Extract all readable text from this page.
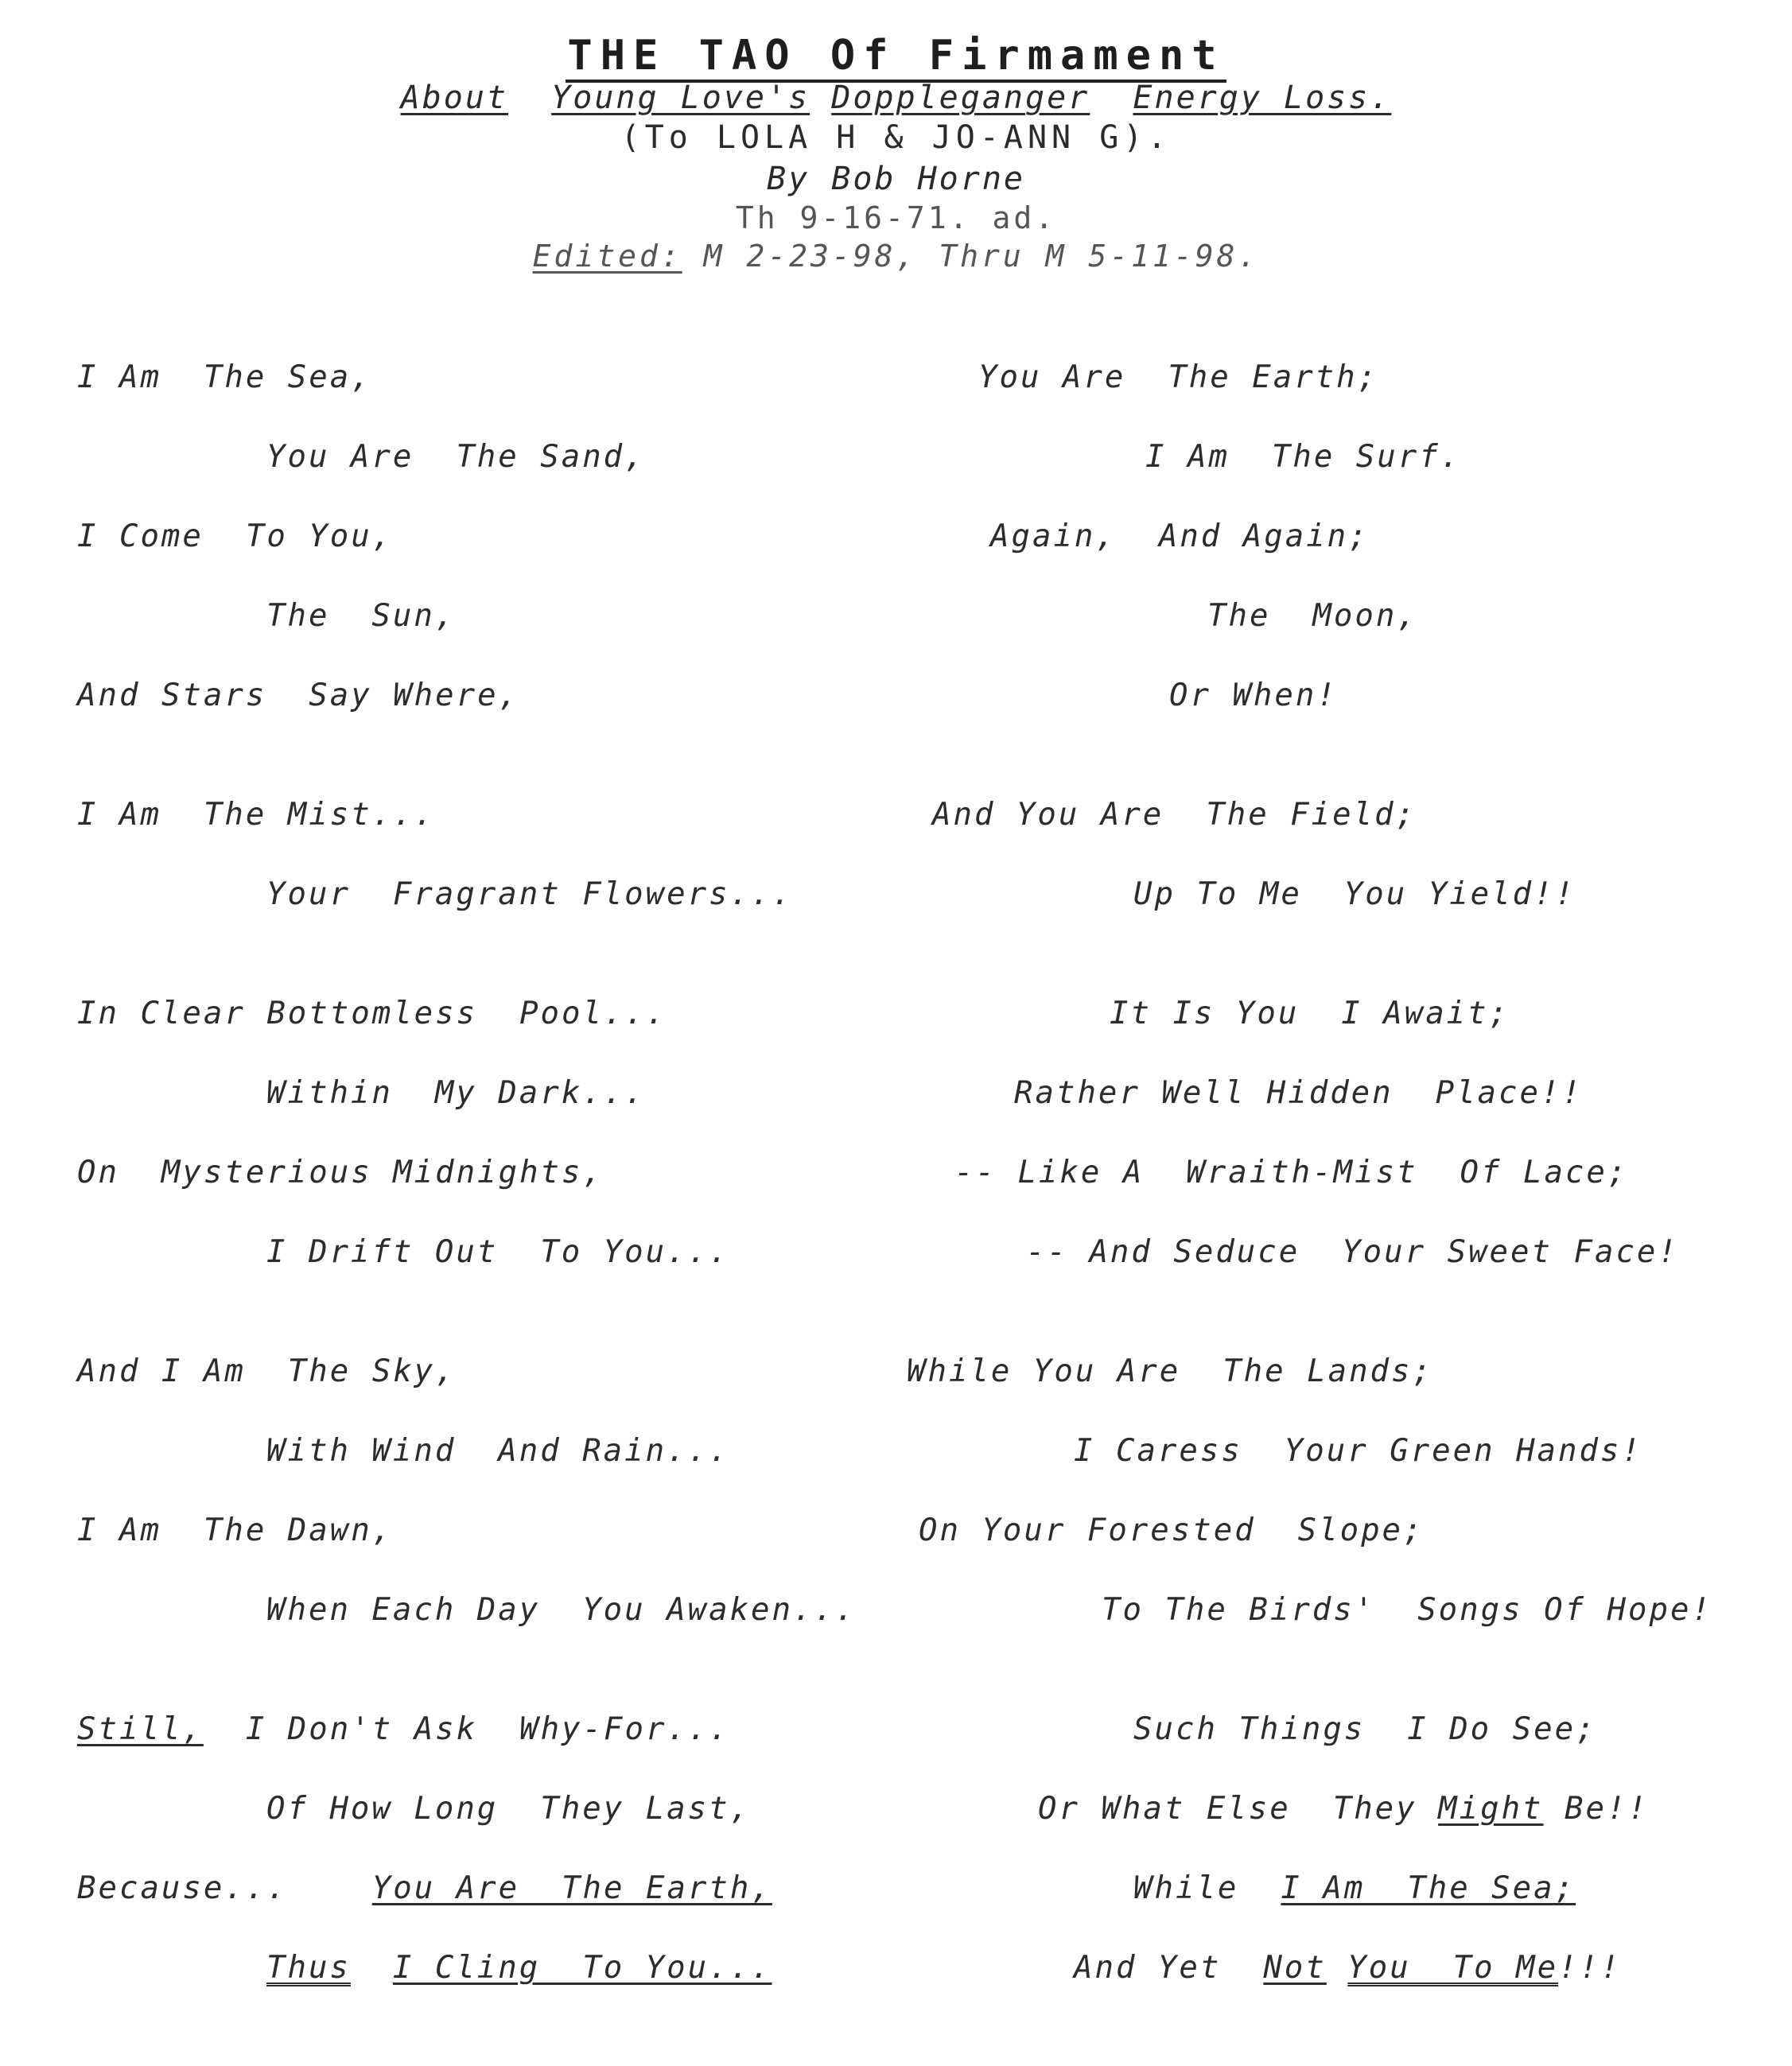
THE TAO Of Firmament
About Young Love's Doppleganger Energy Loss.
(To LOLA H & JO-ANN G).
By Bob Horne
Th 9-16-71. ad.
Edited: M 2-23-98, Thru M 5-11-98.
I Am  The Sea,	You Are  The Earth;
You Are  The Sand,	I Am  The Surf.
I Come  To You,	Again,  And Again;
The  Sun,	The  Moon,
And Stars  Say Where,	Or When!
I Am  The Mist...	And You Are  The Field;
Your  Fragrant Flowers...	Up To Me  You Yield!!
In Clear Bottomless  Pool...	It Is You  I Await;
Within  My Dark...	Rather Well Hidden  Place!!
On  Mysterious Midnights,	-- Like A  Wraith-Mist  Of Lace;
I Drift Out  To You...	-- And Seduce  Your Sweet Face!
And I Am  The Sky,	While You Are  The Lands;
With Wind  And Rain...	I Caress  Your Green Hands!
I Am  The Dawn,	On Your Forested  Slope;
When Each Day  You Awaken...	To The Birds'  Songs Of Hope!
Still,  I Don't Ask  Why-For...	Such Things  I Do See;
Of How Long  They Last,	Or What Else  They Might Be!!
Because...    You Are  The Earth,	While  I Am  The Sea;
Thus I Cling  To You...	And Yet  Not You  To Me!!!
